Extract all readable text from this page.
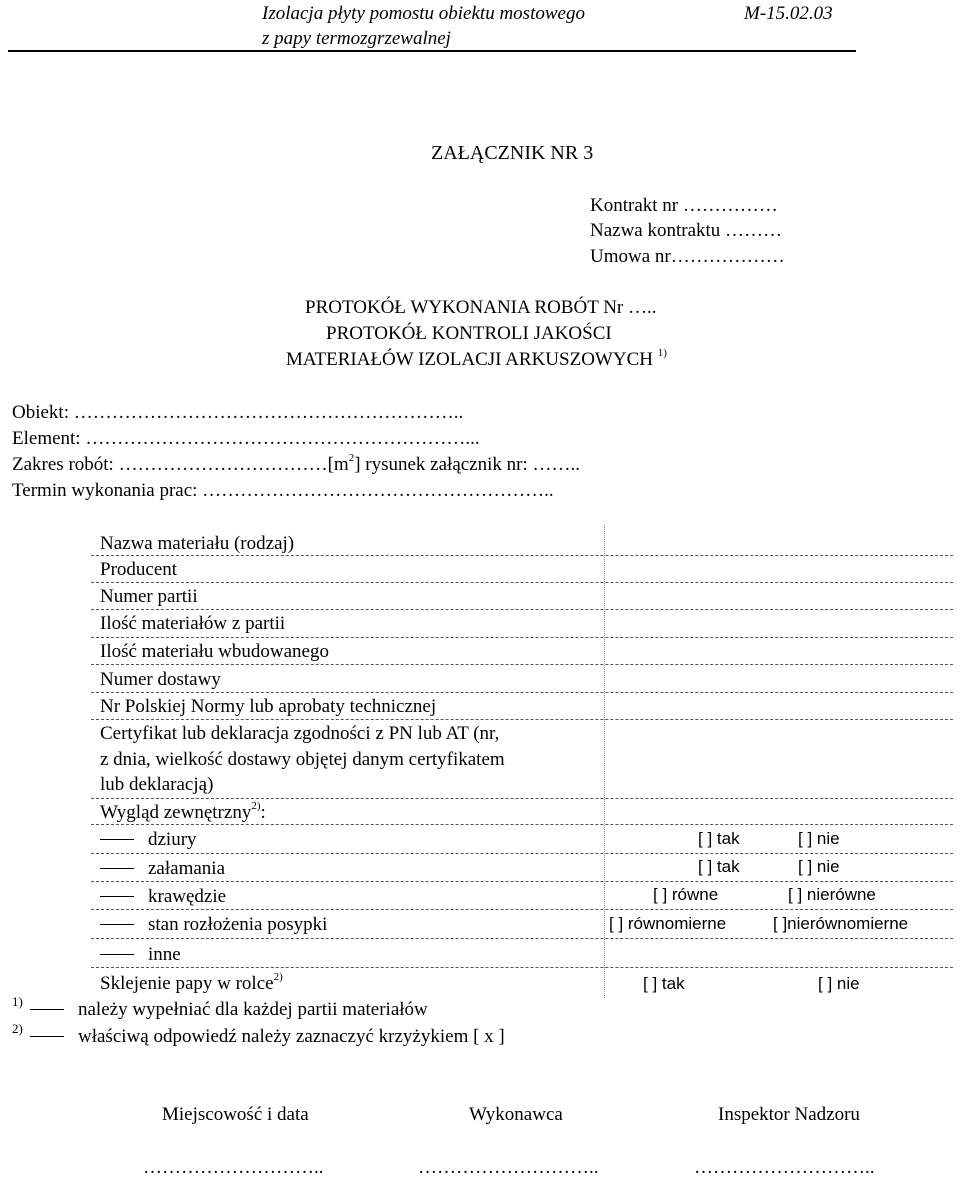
Izolacja płyty pomostu obiektu mostowego
z papy termozgrzewalnej
M-15.02.03
ZAŁĄCZNIK NR 3
Kontrakt nr ……………
Nazwa kontraktu ………
Umowa nr………………
PROTOKÓŁ WYKONANIA ROBÓT Nr …..
PROTOKÓŁ KONTROLI JAKOŚCI
MATERIAŁÓW IZOLACJI ARKUSZOWYCH $^{1)}$
Obiekt: ……………………………………………………..
Element: ……………………………………………………...
Zakres robót: $\dots\dots\dots\dots\dots\dots\dots\dots\dots\dots\dots[m^2]$ rysunek załącznik nr: ……..
Termin wykonania prac: ………………………………………………..
Nazwa materiału (rodzaj)
Producent
Numer partii
Ilość materiałów z partii
Ilość materiału wbudowanego
Numer dostawy
Nr Polskiej Normy lub aprobaty technicznej
Certyfikat lub deklaracja zgodności z PN lub AT (nr,
z dnia, wielkość dostawy objętej danym certyfikatem
lub deklaracją)
Wygląd zewnętrzny$^{2)}$:
dziury	[ ] tak	[ ] nie
załamania	[ ] tak	[ ] nie
krawędzie	[ ] równe	[ ] nierówne
stan rozłożenia posypki	[ ] równomierne	[ ]nierównomierne
inne
Sklejenie papy w rolce$^{2)}$	[ ] tak	[ ] nie
1)	należy wypełniać dla każdej partii materiałów
2)	właściwą odpowiedź należy zaznaczyć krzyżykiem [ x ]
Miejscowość i data	Wykonawca	Inspektor Nadzoru
………………………..	………………………..	………………………..
